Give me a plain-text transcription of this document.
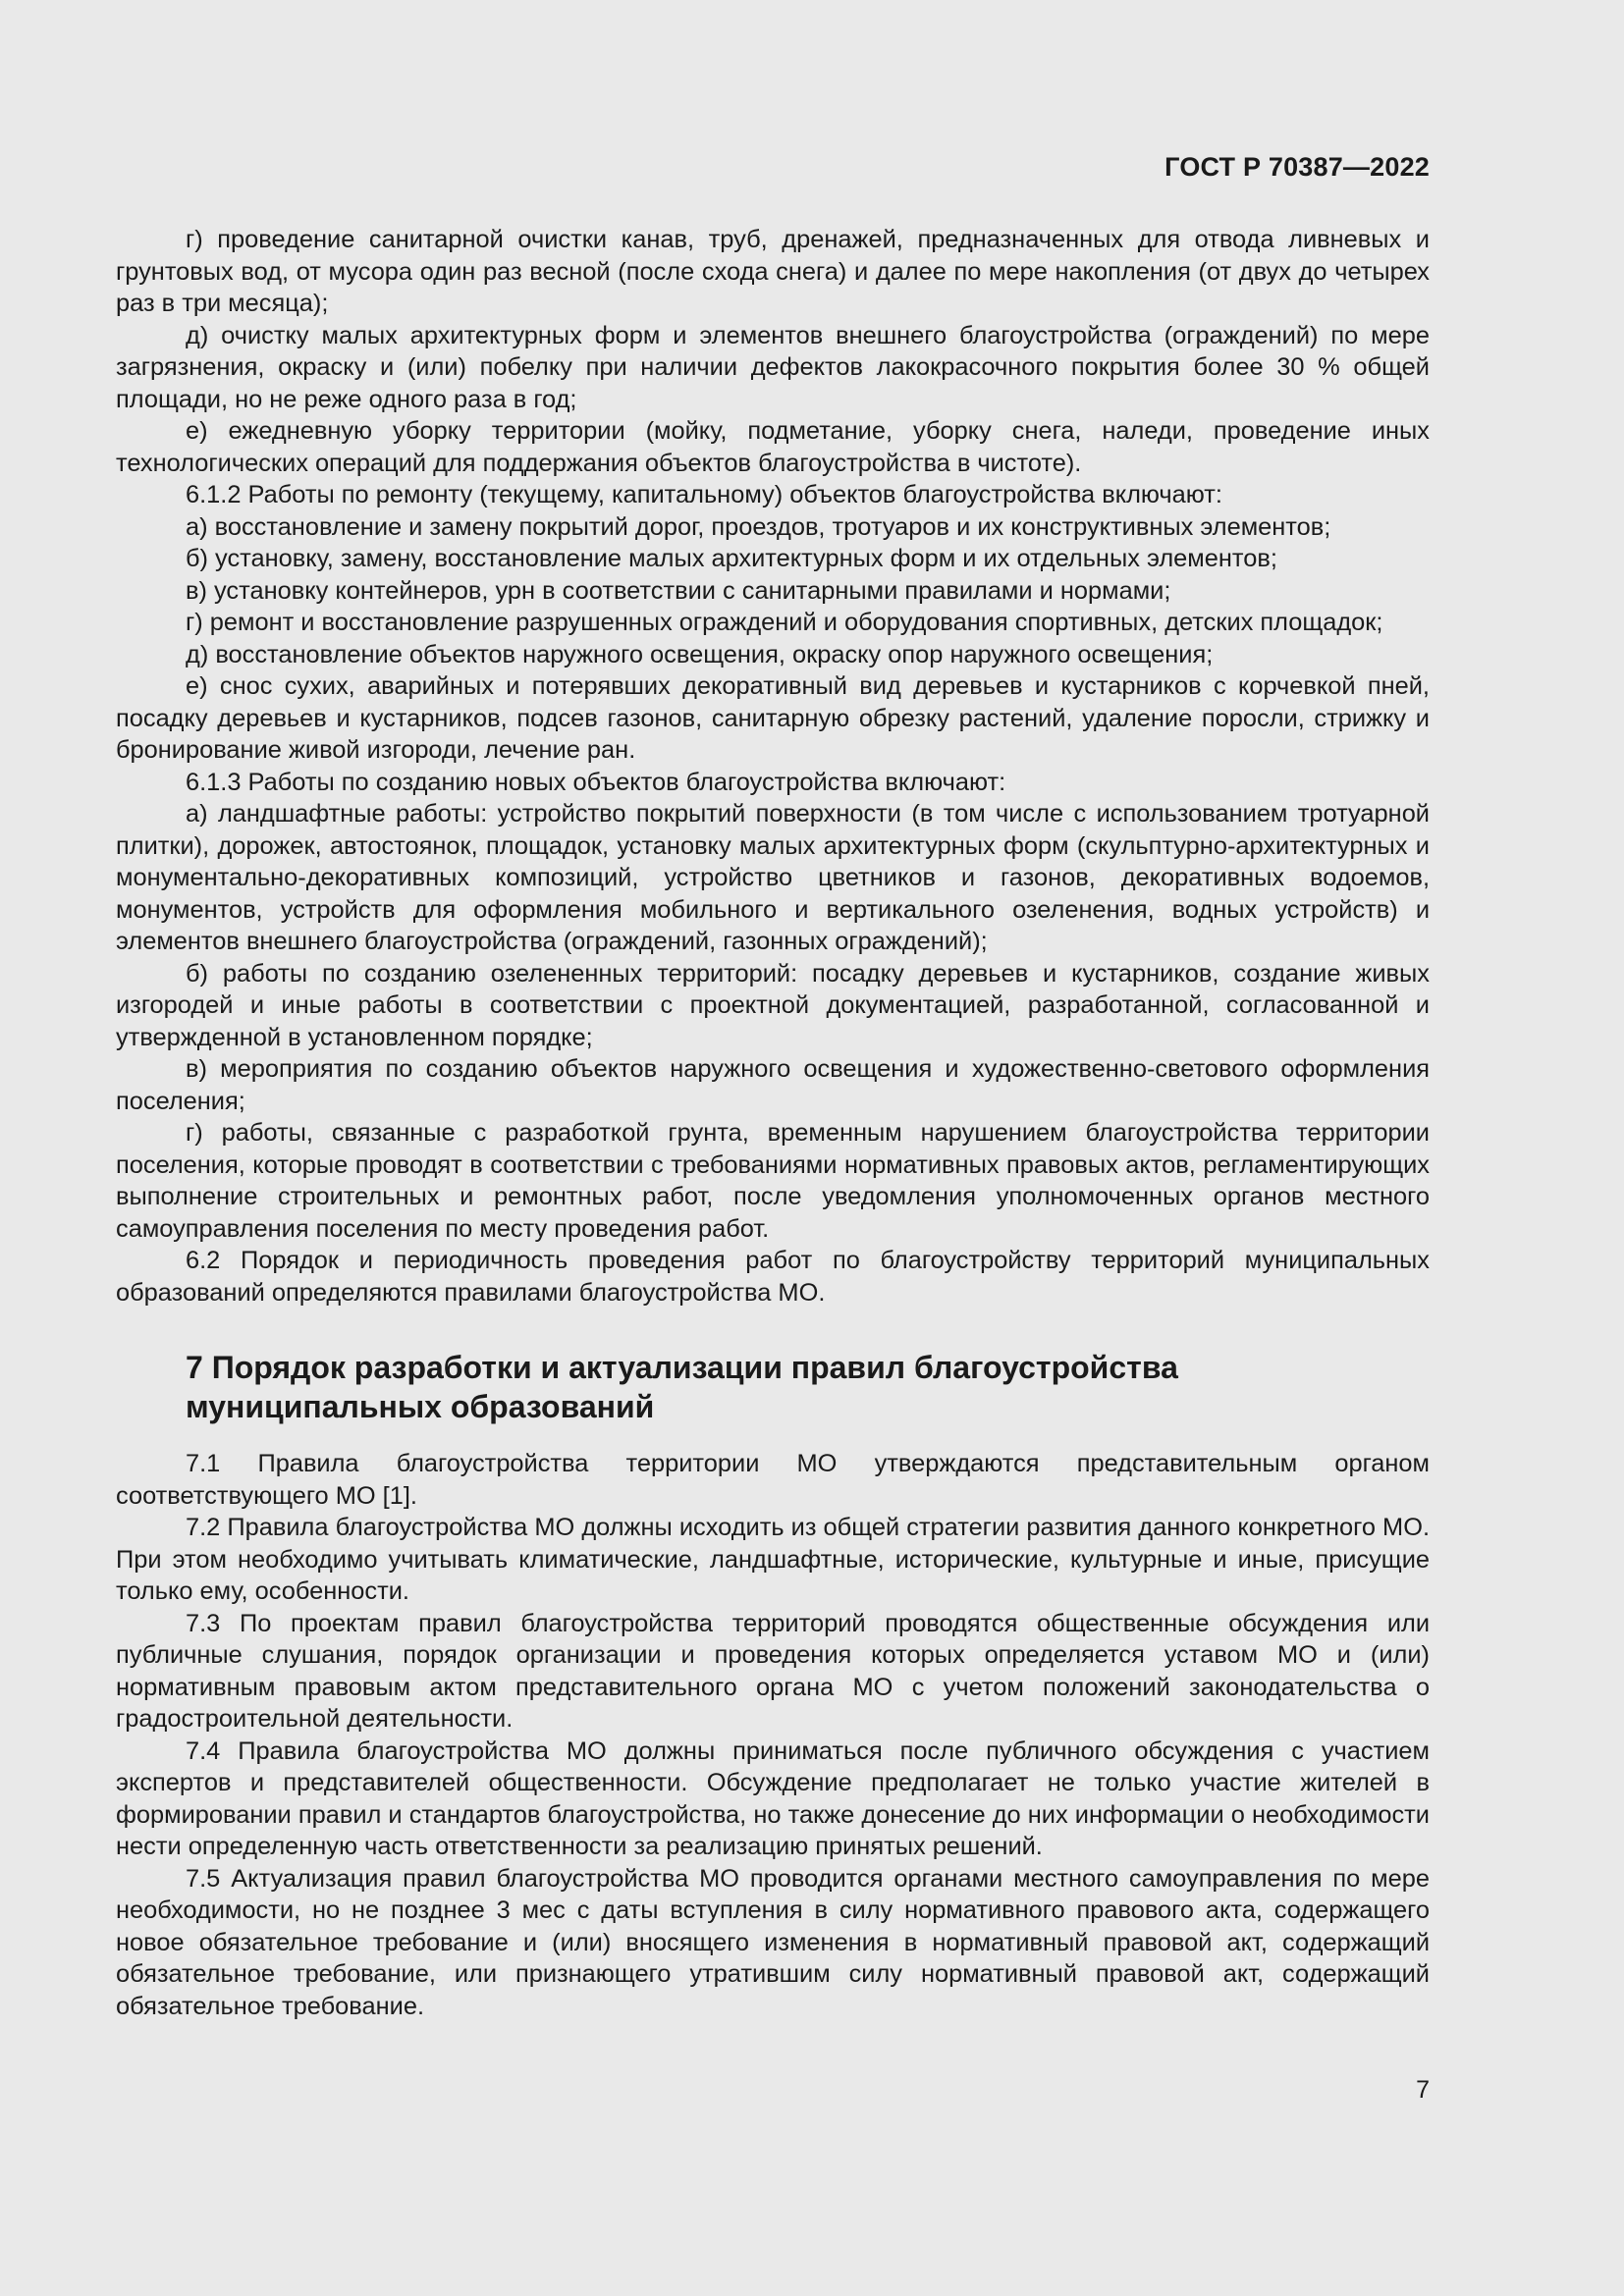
ГОСТ Р 70387—2022

г) проведение санитарной очистки канав, труб, дренажей, предназначенных для отвода ливневых и грунтовых вод, от мусора один раз весной (после схода снега) и далее по мере накопления (от двух до четырех раз в три месяца);

д) очистку малых архитектурных форм и элементов внешнего благоустройства (ограждений) по мере загрязнения, окраску и (или) побелку при наличии дефектов лакокрасочного покрытия более 30 % общей площади, но не реже одного раза в год;

е) ежедневную уборку территории (мойку, подметание, уборку снега, наледи, проведение иных технологических операций для поддержания объектов благоустройства в чистоте).

6.1.2 Работы по ремонту (текущему, капитальному) объектов благоустройства включают:

а) восстановление и замену покрытий дорог, проездов, тротуаров и их конструктивных элементов;

б) установку, замену, восстановление малых архитектурных форм и их отдельных элементов;

в) установку контейнеров, урн в соответствии с санитарными правилами и нормами;

г) ремонт и восстановление разрушенных ограждений и оборудования спортивных, детских площадок;

д) восстановление объектов наружного освещения, окраску опор наружного освещения;

е) снос сухих, аварийных и потерявших декоративный вид деревьев и кустарников с корчевкой пней, посадку деревьев и кустарников, подсев газонов, санитарную обрезку растений, удаление поросли, стрижку и бронирование живой изгороди, лечение ран.

6.1.3 Работы по созданию новых объектов благоустройства включают:

а) ландшафтные работы: устройство покрытий поверхности (в том числе с использованием тротуарной плитки), дорожек, автостоянок, площадок, установку малых архитектурных форм (скульптурно-архитектурных и монументально-декоративных композиций, устройство цветников и газонов, декоративных водоемов, монументов, устройств для оформления мобильного и вертикального озеленения, водных устройств) и элементов внешнего благоустройства (ограждений, газонных ограждений);

б) работы по созданию озелененных территорий: посадку деревьев и кустарников, создание живых изгородей и иные работы в соответствии с проектной документацией, разработанной, согласованной и утвержденной в установленном порядке;

в) мероприятия по созданию объектов наружного освещения и художественно-светового оформления поселения;

г) работы, связанные с разработкой грунта, временным нарушением благоустройства территории поселения, которые проводят в соответствии с требованиями нормативных правовых актов, регламентирующих выполнение строительных и ремонтных работ, после уведомления уполномоченных органов местного самоуправления поселения по месту проведения работ.

6.2 Порядок и периодичность проведения работ по благоустройству территорий муниципальных образований определяются правилами благоустройства МО.

7 Порядок разработки и актуализации правил благоустройства
муниципальных образований

7.1 Правила благоустройства территории МО утверждаются представительным органом соответствующего МО [1].

7.2 Правила благоустройства МО должны исходить из общей стратегии развития данного конкретного МО. При этом необходимо учитывать климатические, ландшафтные, исторические, культурные и иные, присущие только ему, особенности.

7.3 По проектам правил благоустройства территорий проводятся общественные обсуждения или публичные слушания, порядок организации и проведения которых определяется уставом МО и (или) нормативным правовым актом представительного органа МО с учетом положений законодательства о градостроительной деятельности.

7.4 Правила благоустройства МО должны приниматься после публичного обсуждения с участием экспертов и представителей общественности. Обсуждение предполагает не только участие жителей в формировании правил и стандартов благоустройства, но также донесение до них информации о необходимости нести определенную часть ответственности за реализацию принятых решений.

7.5 Актуализация правил благоустройства МО проводится органами местного самоуправления по мере необходимости, но не позднее 3 мес с даты вступления в силу нормативного правового акта, содержащего новое обязательное требование и (или) вносящего изменения в нормативный правовой акт, содержащий обязательное требование, или признающего утратившим силу нормативный правовой акт, содержащий обязательное требование.

7
